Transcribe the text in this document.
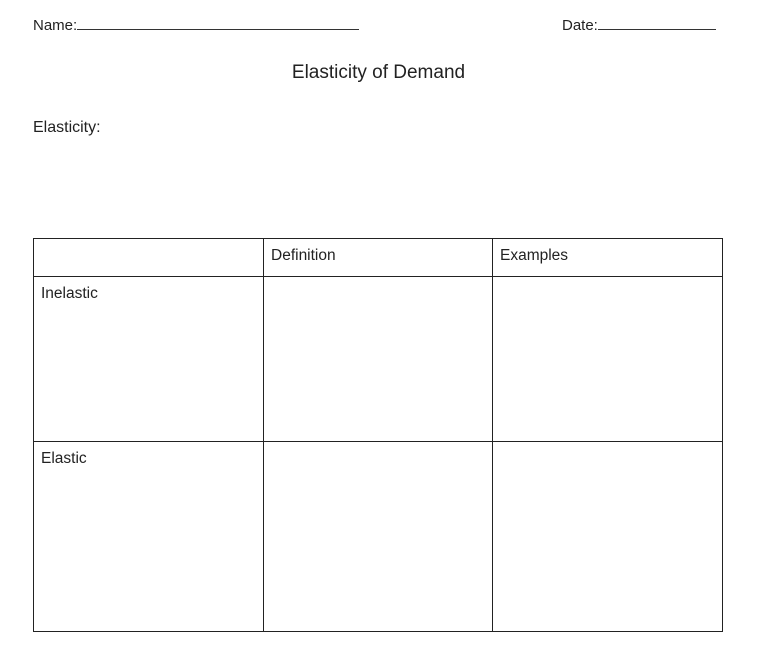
Name:	Date:
Elasticity of Demand
Elasticity:
	Definition	Examples
Inelastic		
Elastic		
